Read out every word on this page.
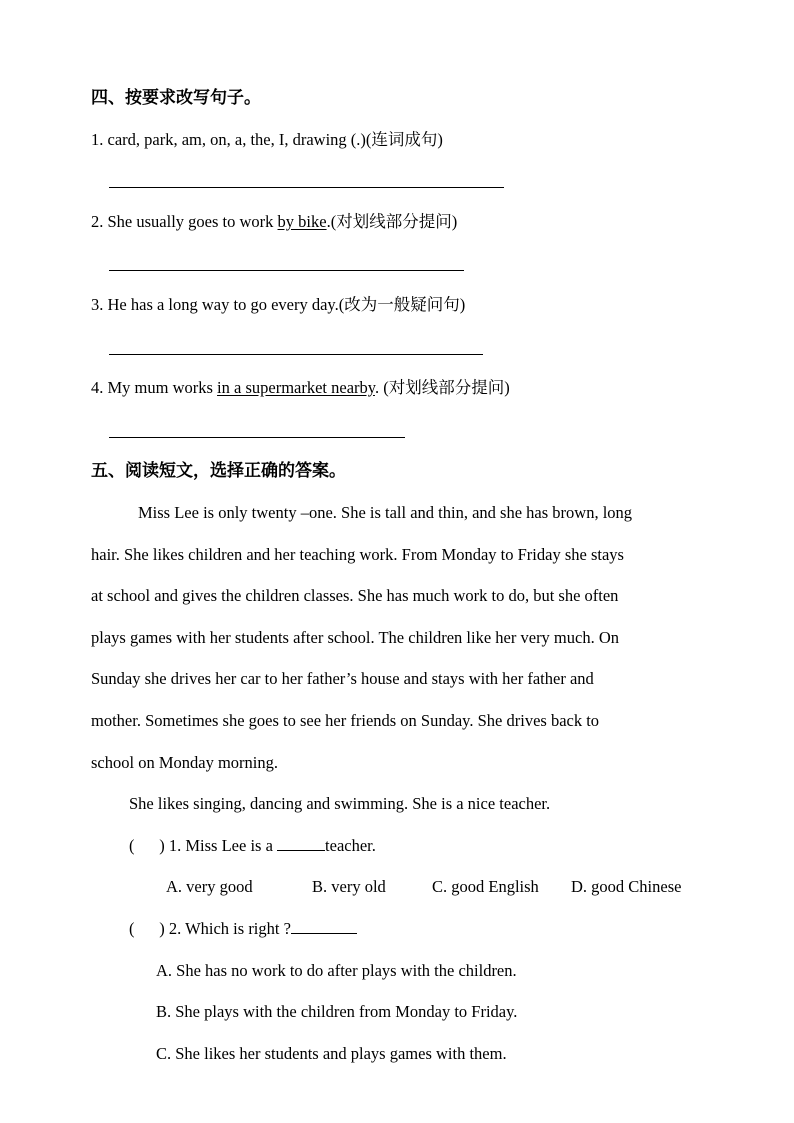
四、按要求改写句子。
1. card, park, am, on, a, the, I, drawing (.)(连词成句)
2. She usually goes to work by bike.(对划线部分提问)
3. He has a long way to go every day.(改为一般疑问句)
4. My mum works in a supermarket nearby. (对划线部分提问)
五、阅读短文，选择正确的答案。
Miss Lee is only twenty –one. She is tall and thin, and she has brown, long
hair. She likes children and her teaching work. From Monday to Friday she stays
at school and gives the children classes. She has much work to do, but she often
plays games with her students after school. The children like her very much. On
Sunday she drives her car to her father’s house and stays with her father and
mother. Sometimes she goes to see her friends on Sunday. She drives back to
school on Monday morning.
She likes singing, dancing and swimming. She is a nice teacher.
(      ) 1. Miss Lee is a	teacher.
A. very good	B. very old	C. good English D. good Chinese
(      ) 2. Which is right ?
A. She has no work to do after plays with the children.
B. She plays with the children from Monday to Friday.
C. She likes her students and plays games with them.
